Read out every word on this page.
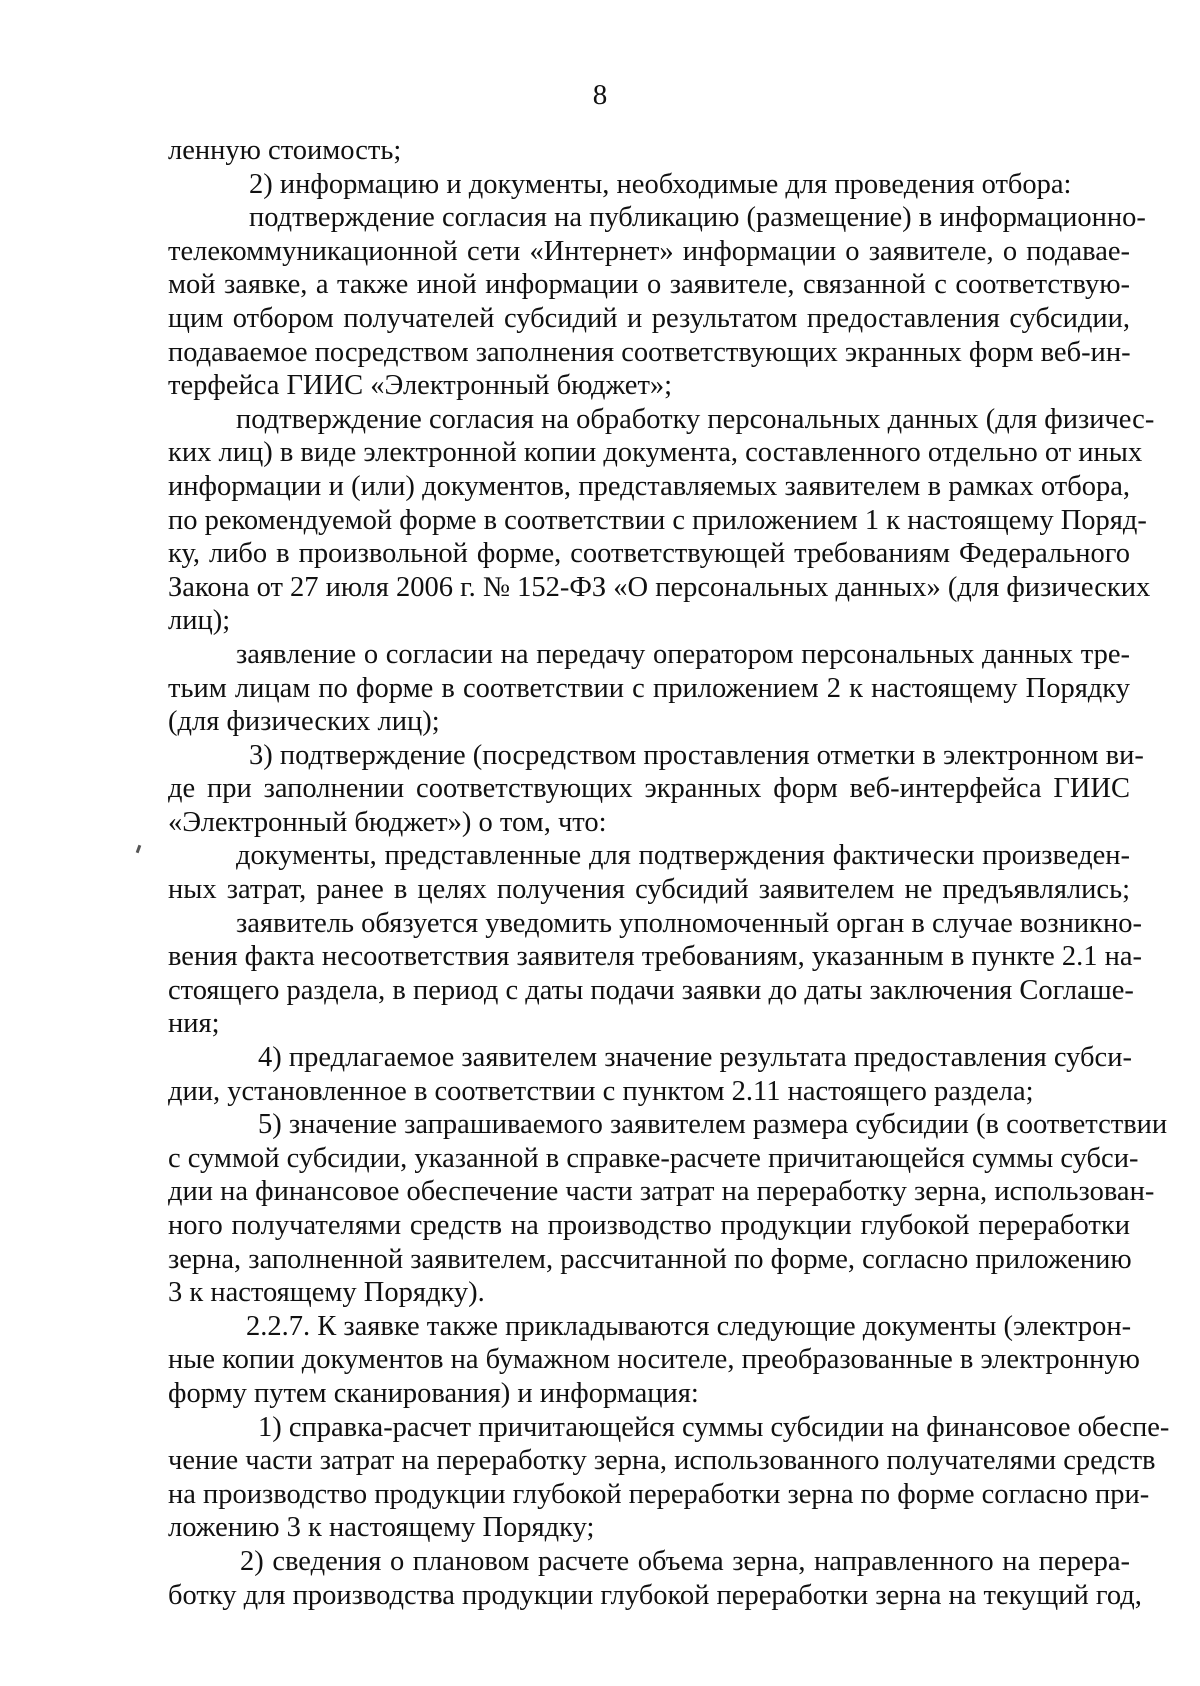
8
ленную стоимость;
2) информацию и документы, необходимые для проведения отбора:
подтверждение согласия на публикацию (размещение) в информационно-
телекоммуникационной сети «Интернет» информации о заявителе, о подавае-
мой заявке, а также иной информации о заявителе, связанной с соответствую-
щим отбором получателей субсидий и результатом предоставления субсидии,
подаваемое посредством заполнения соответствующих экранных форм веб-ин-
терфейса ГИИС «Электронный бюджет»;
подтверждение согласия на обработку персональных данных (для физичес-
ких лиц) в виде электронной копии документа, составленного отдельно от иных
информации и (или) документов, представляемых заявителем в рамках отбора,
по рекомендуемой форме в соответствии с приложением 1 к настоящему Поряд-
ку, либо в произвольной форме, соответствующей требованиям Федерального
Закона от 27 июля 2006 г. № 152-ФЗ «О персональных данных» (для физических
лиц);
заявление о согласии на передачу оператором персональных данных тре-
тьим лицам по форме в соответствии с приложением 2 к настоящему Порядку
(для физических лиц);
3) подтверждение (посредством проставления отметки в электронном ви-
де при заполнении соответствующих экранных форм веб-интерфейса ГИИС
«Электронный бюджет») о том, что:
документы, представленные для подтверждения фактически произведен-
ных затрат, ранее в целях получения субсидий заявителем не предъявлялись;
заявитель обязуется уведомить уполномоченный орган в случае возникно-
вения факта несоответствия заявителя требованиям, указанным в пункте 2.1 на-
стоящего раздела, в период с даты подачи заявки до даты заключения Соглаше-
ния;
4) предлагаемое заявителем значение результата предоставления субси-
дии, установленное в соответствии с пунктом 2.11 настоящего раздела;
5) значение запрашиваемого заявителем размера субсидии (в соответствии
с суммой субсидии, указанной в справке-расчете причитающейся суммы субси-
дии на финансовое обеспечение части затрат на переработку зерна, использован-
ного получателями средств на производство продукции глубокой переработки
зерна, заполненной заявителем, рассчитанной по форме, согласно приложению
3 к настоящему Порядку).
2.2.7. К заявке также прикладываются следующие документы (электрон-
ные копии документов на бумажном носителе, преобразованные в электронную
форму путем сканирования) и информация:
1) справка-расчет причитающейся суммы субсидии на финансовое обеспе-
чение части затрат на переработку зерна, использованного получателями средств
на производство продукции глубокой переработки зерна по форме согласно при-
ложению 3 к настоящему Порядку;
2) сведения о плановом расчете объема зерна, направленного на перера-
ботку для производства продукции глубокой переработки зерна на текущий год,
